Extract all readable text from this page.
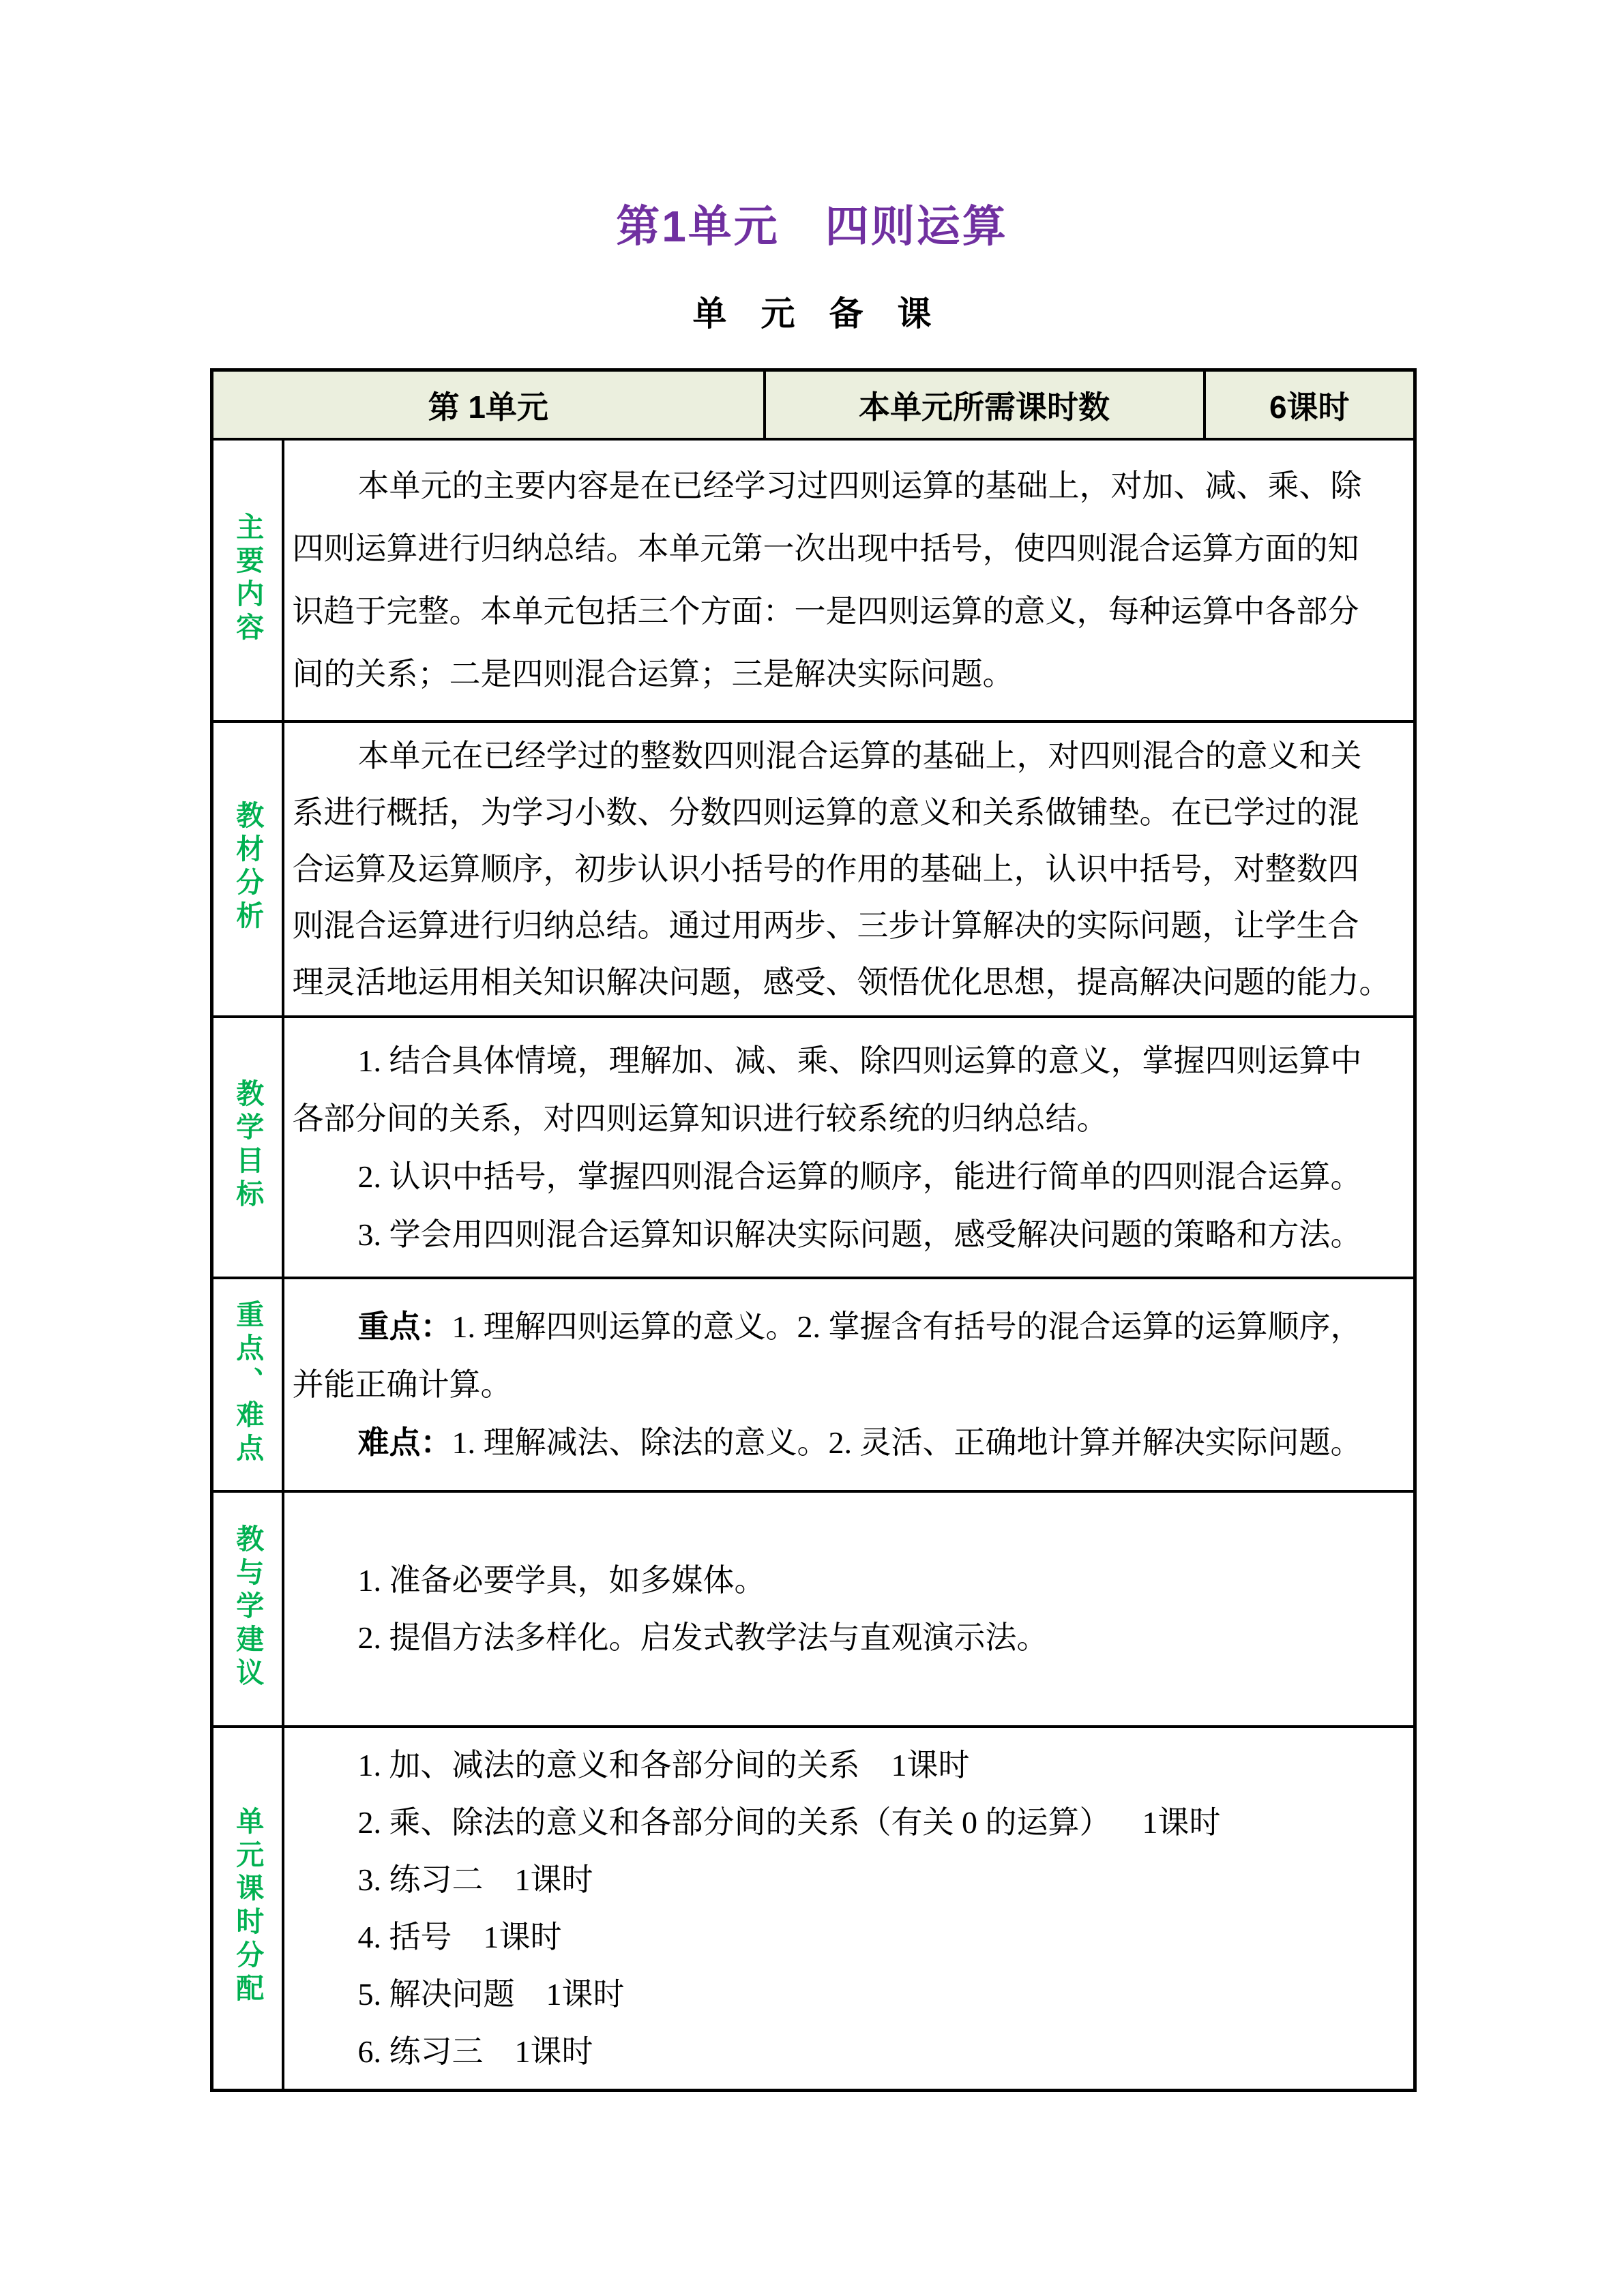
第1单元　四则运算
单元备课
第 1单元		本单元所需课时数	6课时
主要内容	本单元的主要内容是在已经学习过四则运算的基础上，对加、减、乘、除
四则运算进行归纳总结。本单元第一次出现中括号，使四则混合运算方面的知
识趋于完整。本单元包括三个方面：一是四则运算的意义，每种运算中各部分
间的关系；二是四则混合运算；三是解决实际问题。		

教材分析	本单元在已经学过的整数四则混合运算的基础上，对四则混合的意义和关
系进行概括，为学习小数、分数四则运算的意义和关系做铺垫。在已学过的混
合运算及运算顺序，初步认识小括号的作用的基础上，认识中括号，对整数四
则混合运算进行归纳总结。通过用两步、三步计算解决的实际问题，让学生合
理灵活地运用相关知识解决问题，感受、领悟优化思想，提高解决问题的能力。		

教学目标	1. 结合具体情境，理解加、减、乘、除四则运算的意义，掌握四则运算中
各部分间的关系，对四则运算知识进行较系统的归纳总结。
2. 认识中括号，掌握四则混合运算的顺序，能进行简单的四则混合运算。
3. 学会用四则混合运算知识解决实际问题，感受解决问题的策略和方法。		

重点、难点	重点：1. 理解四则运算的意义。2. 掌握含有括号的混合运算的运算顺序，
并能正确计算。
难点：1. 理解减法、除法的意义。2. 灵活、正确地计算并解决实际问题。		

教与学建议	1. 准备必要学具，如多媒体。
2. 提倡方法多样化。启发式教学法与直观演示法。		

单元课时分配	
1. 加、减法的意义和各部分间的关系 1课时
2. 乘、除法的意义和各部分间的关系（有关 0 的运算） 1课时
3. 练习二 1课时
4. 括号 1课时
5. 解决问题 1课时
6. 练习三 1课时
